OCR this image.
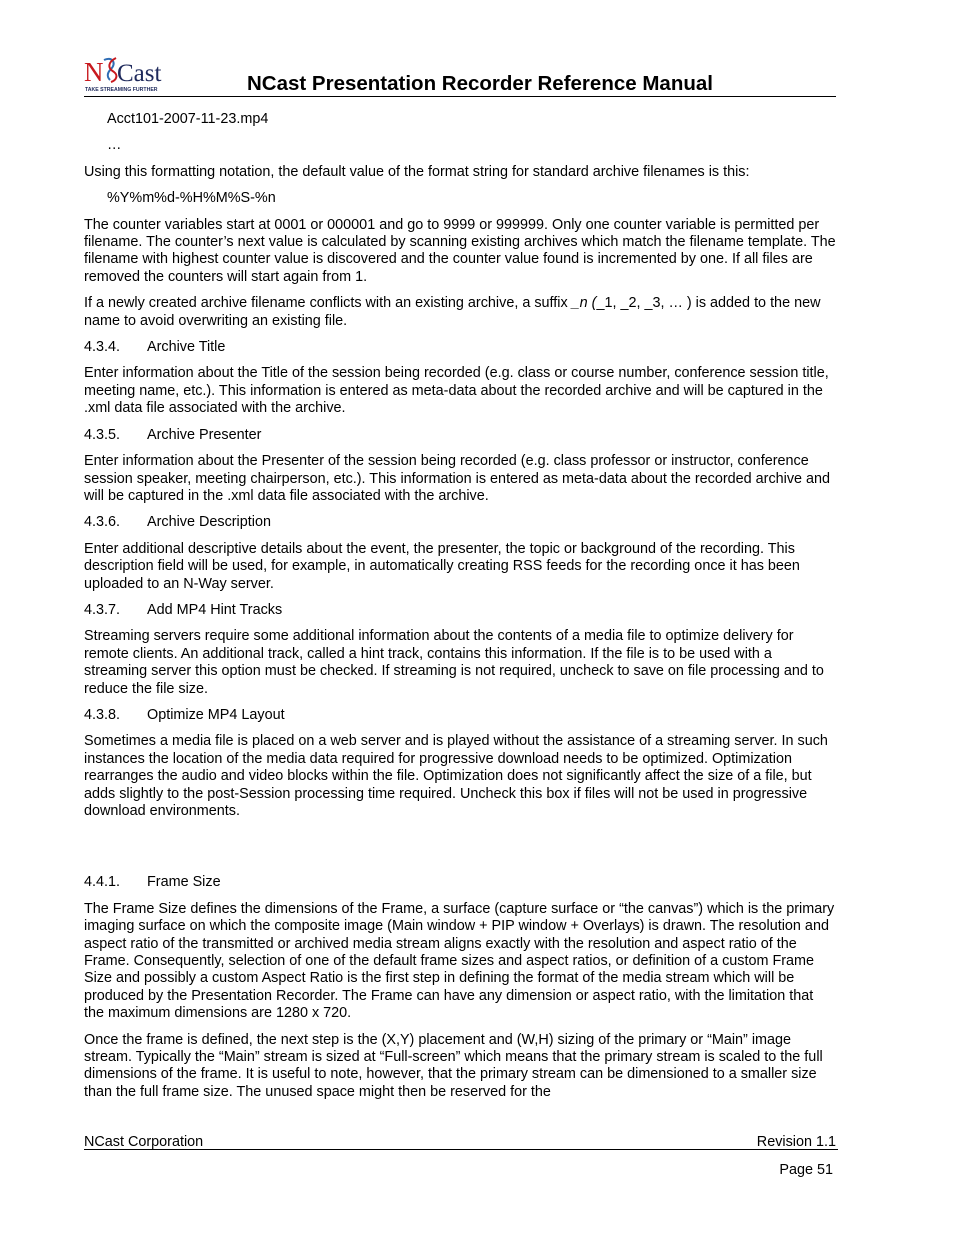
N Cast
TAKE STREAMING FURTHER	NCast Presentation Recorder Reference Manual

Acct101-2007-11-23.mp4

…

Using this formatting notation, the default value of the format string for standard archive filenames is this:

%Y%m%d-%H%M%S-%n

The counter variables start at 0001 or 000001 and go to 9999 or 999999. Only one counter variable is permitted per filename. The counter’s next value is calculated by scanning existing archives which match the filename template. The filename with highest counter value is discovered and the counter value found is incremented by one. If all files are removed the counters will start again from 1.

If a newly created archive filename conflicts with an existing archive, a suffix _n (_1, _2, _3, … ) is added to the new name to avoid overwriting an existing file.

4.3.4.	Archive Title

Enter information about the Title of the session being recorded (e.g. class or course number, conference session title, meeting name, etc.). This information is entered as meta-data about the recorded archive and will be captured in the .xml data file associated with the archive.

4.3.5.	Archive Presenter

Enter information about the Presenter of the session being recorded (e.g. class professor or instructor, conference session speaker, meeting chairperson, etc.). This information is entered as meta-data about the recorded archive and will be captured in the .xml data file associated with the archive.

4.3.6.	Archive Description

Enter additional descriptive details about the event, the presenter, the topic or background of the recording. This description field will be used, for example, in automatically creating RSS feeds for the recording once it has been uploaded to an N-Way server.

4.3.7.	Add MP4 Hint Tracks

Streaming servers require some additional information about the contents of a media file to optimize delivery for remote clients. An additional track, called a hint track, contains this information. If the file is to be used with a streaming server this option must be checked. If streaming is not required, uncheck to save on file processing and to reduce the file size.

4.3.8.	Optimize MP4 Layout

Sometimes a media file is placed on a web server and is played without the assistance of a streaming server. In such instances the location of the media data required for progressive download needs to be optimized. Optimization rearranges the audio and video blocks within the file. Optimization does not significantly affect the size of a file, but adds slightly to the post-Session processing time required. Uncheck this box if files will not be used in progressive download environments.

4.4.1.	Frame Size

The Frame Size defines the dimensions of the Frame, a surface (capture surface or “the canvas”) which is the primary imaging surface on which the composite image (Main window + PIP window + Overlays) is drawn. The resolution and aspect ratio of the transmitted or archived media stream aligns exactly with the resolution and aspect ratio of the Frame. Consequently, selection of one of the default frame sizes and aspect ratios, or definition of a custom Frame Size and possibly a custom Aspect Ratio is the first step in defining the format of the media stream which will be produced by the Presentation Recorder. The Frame can have any dimension or aspect ratio, with the limitation that the maximum dimensions are 1280 x 720.

Once the frame is defined, the next step is the (X,Y) placement and (W,H) sizing of the primary or “Main” image stream. Typically the “Main” stream is sized at “Full-screen” which means that the primary stream is scaled to the full dimensions of the frame. It is useful to note, however, that the primary stream can be dimensioned to a smaller size than the full frame size. The unused space might then be reserved for the

NCast Corporation	Revision 1.1
Page 51
